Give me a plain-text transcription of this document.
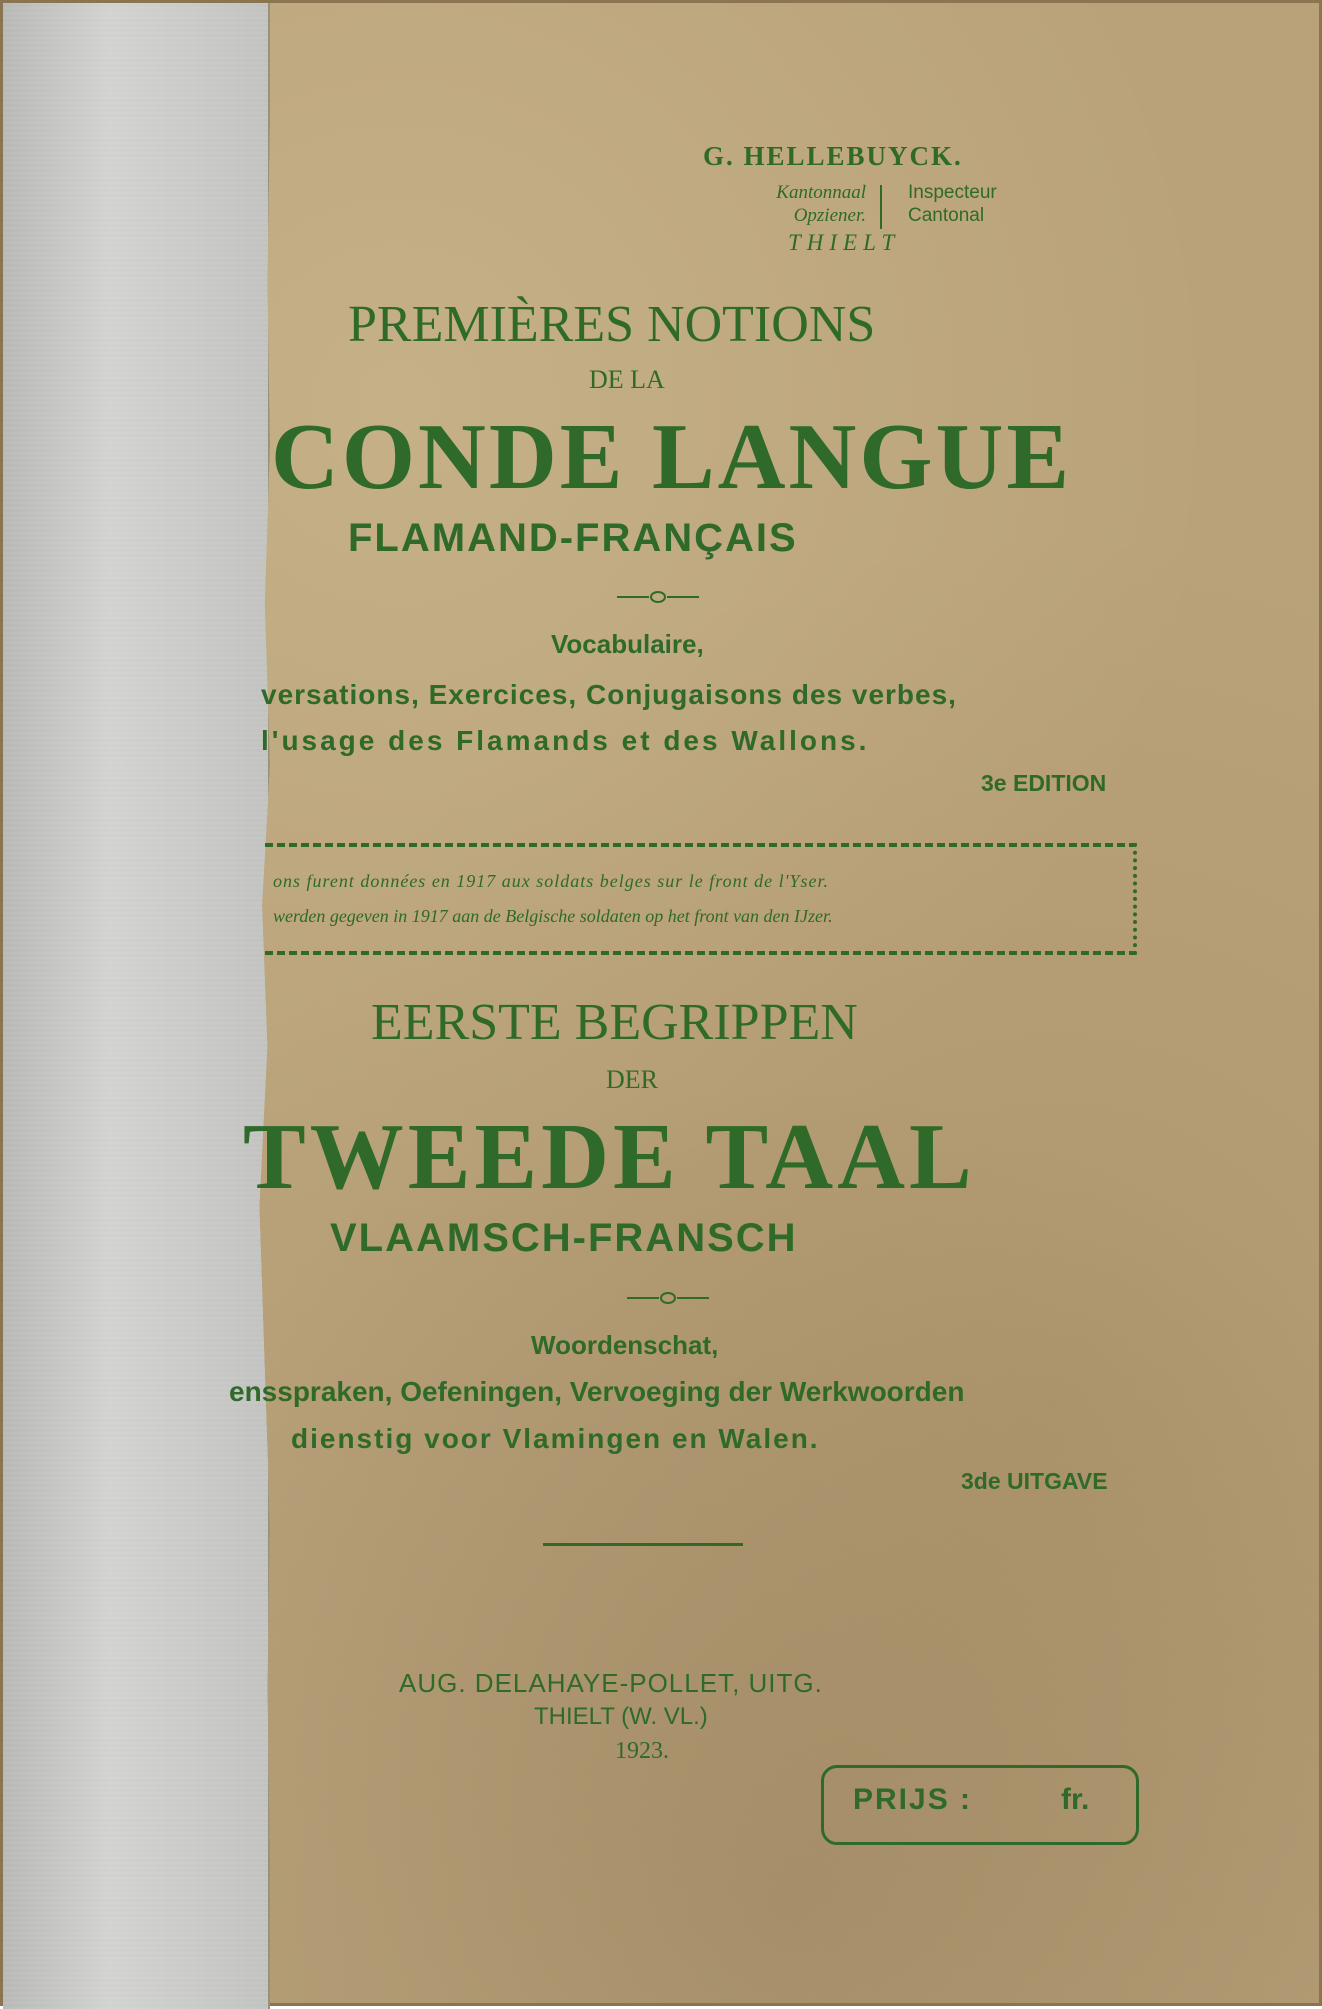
G. HELLEBUYCK.

Kantonnaal
Opziener.
Inspecteur
Cantonal

THIELT

PREMIÈRES NOTIONS

DE LA

CONDE LANGUE

FLAMAND-FRANÇAIS

Vocabulaire,

versations, Exercices, Conjugaisons des verbes,

l'usage des Flamands et des Wallons.

3e EDITION

ons furent données en 1917 aux soldats belges sur le front de l'Yser.

werden gegeven in 1917 aan de Belgische soldaten op het front van den IJzer.

EERSTE BEGRIPPEN

DER

TWEEDE TAAL

VLAAMSCH-FRANSCH

Woordenschat,

ensspraken, Oefeningen, Vervoeging der Werkwoorden

dienstig voor Vlamingen en Walen.

3de UITGAVE

AUG. DELAHAYE-POLLET, UITG.

THIELT (W. VL.)

1923.

PRIJS :	fr.
